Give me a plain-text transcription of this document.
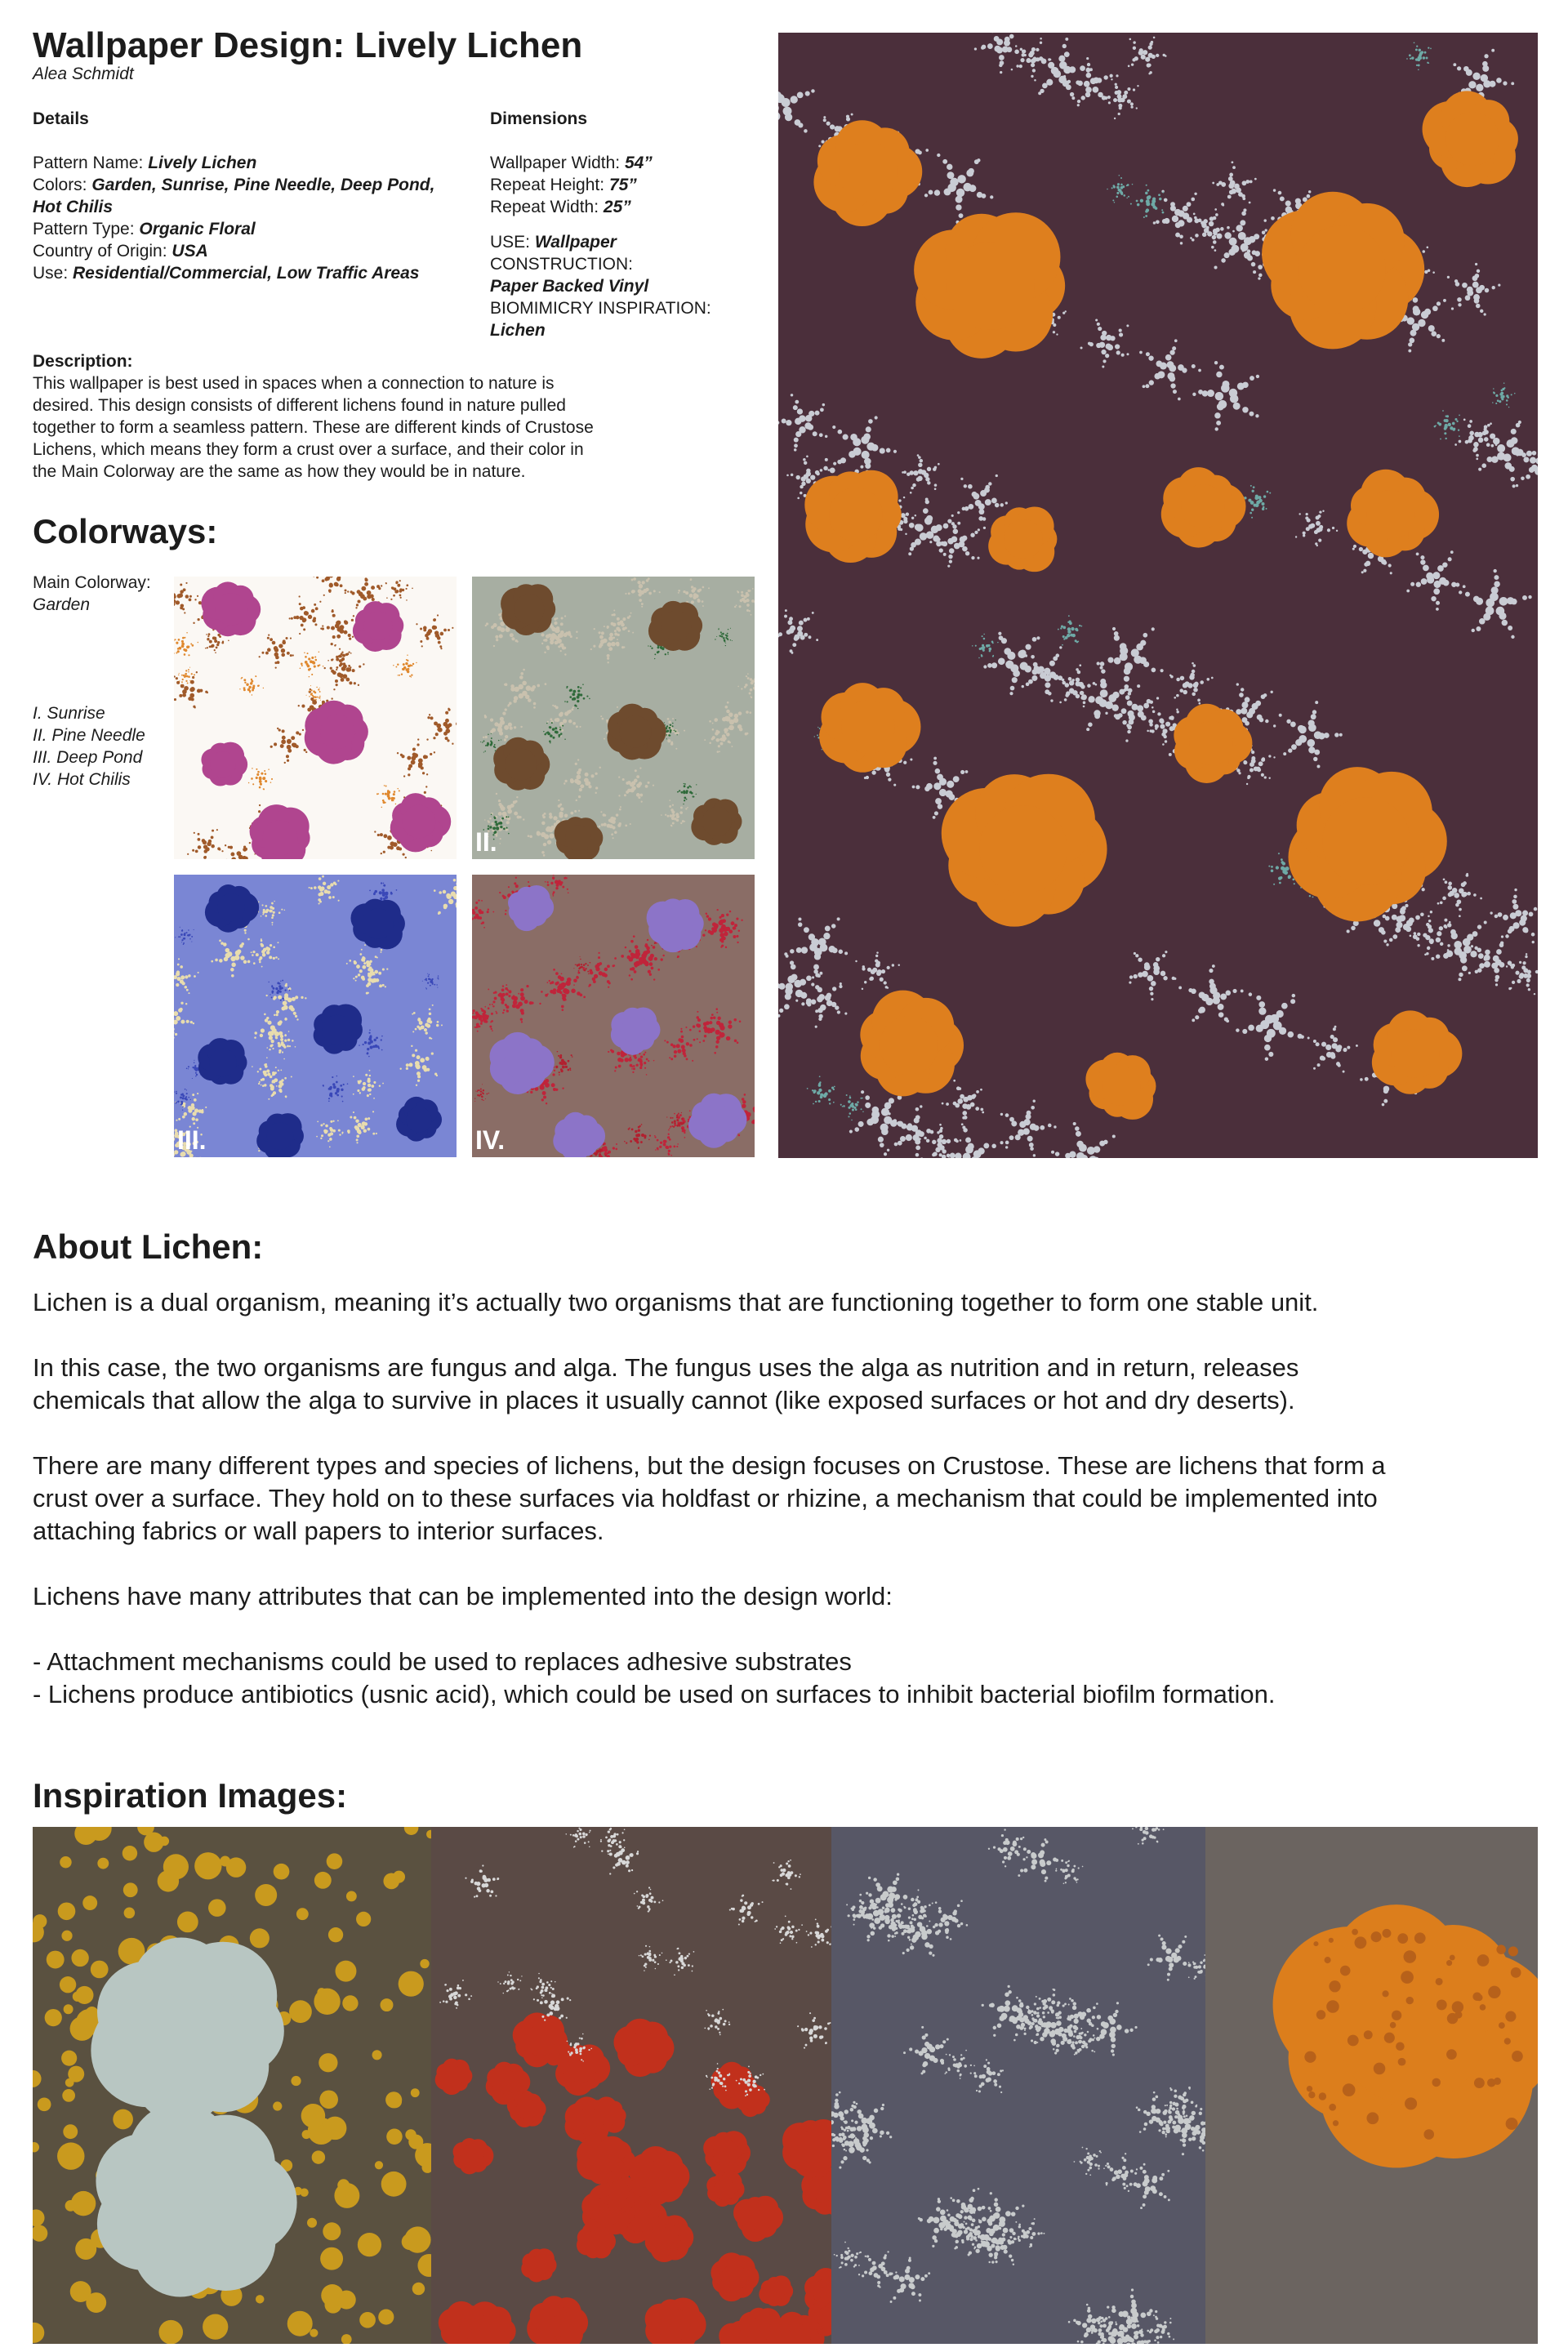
Wallpaper Design: Lively Lichen
Alea Schmidt
Details
Pattern Name: Lively Lichen
Colors: Garden, Sunrise, Pine Needle, Deep Pond,
Hot Chilis
Pattern Type: Organic Floral
Country of Origin: USA
Use: Residential/Commercial, Low Traffic Areas
Dimensions
Wallpaper Width: 54”
Repeat Height: 75”
Repeat Width: 25”
USE: Wallpaper
CONSTRUCTION:
Paper Backed Vinyl
BIOMIMICRY INSPIRATION:
Lichen
Description:
This wallpaper is best used in spaces when a connection to nature is
desired. This design consists of different lichens found in nature pulled
together to form a seamless pattern. These are different kinds of Crustose
Lichens, which means they form a crust over a surface, and their color in
the Main Colorway are the same as how they would be in nature.
Colorways:
Main Colorway:
Garden
I. Sunrise
II. Pine Needle
III. Deep Pond
IV. Hot Chilis
II.
III.	IV.
About Lichen:

Lichen is a dual organism, meaning it’s actually two organisms that are functioning together to form one stable unit.

In this case, the two organisms are fungus and alga. The fungus uses the alga as nutrition and in return, releases
chemicals that allow the alga to survive in places it usually cannot (like exposed surfaces or hot and dry deserts).

There are many different types and species of lichens, but the design focuses on Crustose. These are lichens that form a
crust over a surface. They hold on to these surfaces via holdfast or rhizine, a mechanism that could be implemented into
attaching fabrics or wall papers to interior surfaces.

Lichens have many attributes that can be implemented into the design world:

- Attachment mechanisms could be used to replaces adhesive substrates
- Lichens produce antibiotics (usnic acid), which could be used on surfaces to inhibit bacterial biofilm formation.

Inspiration Images:
